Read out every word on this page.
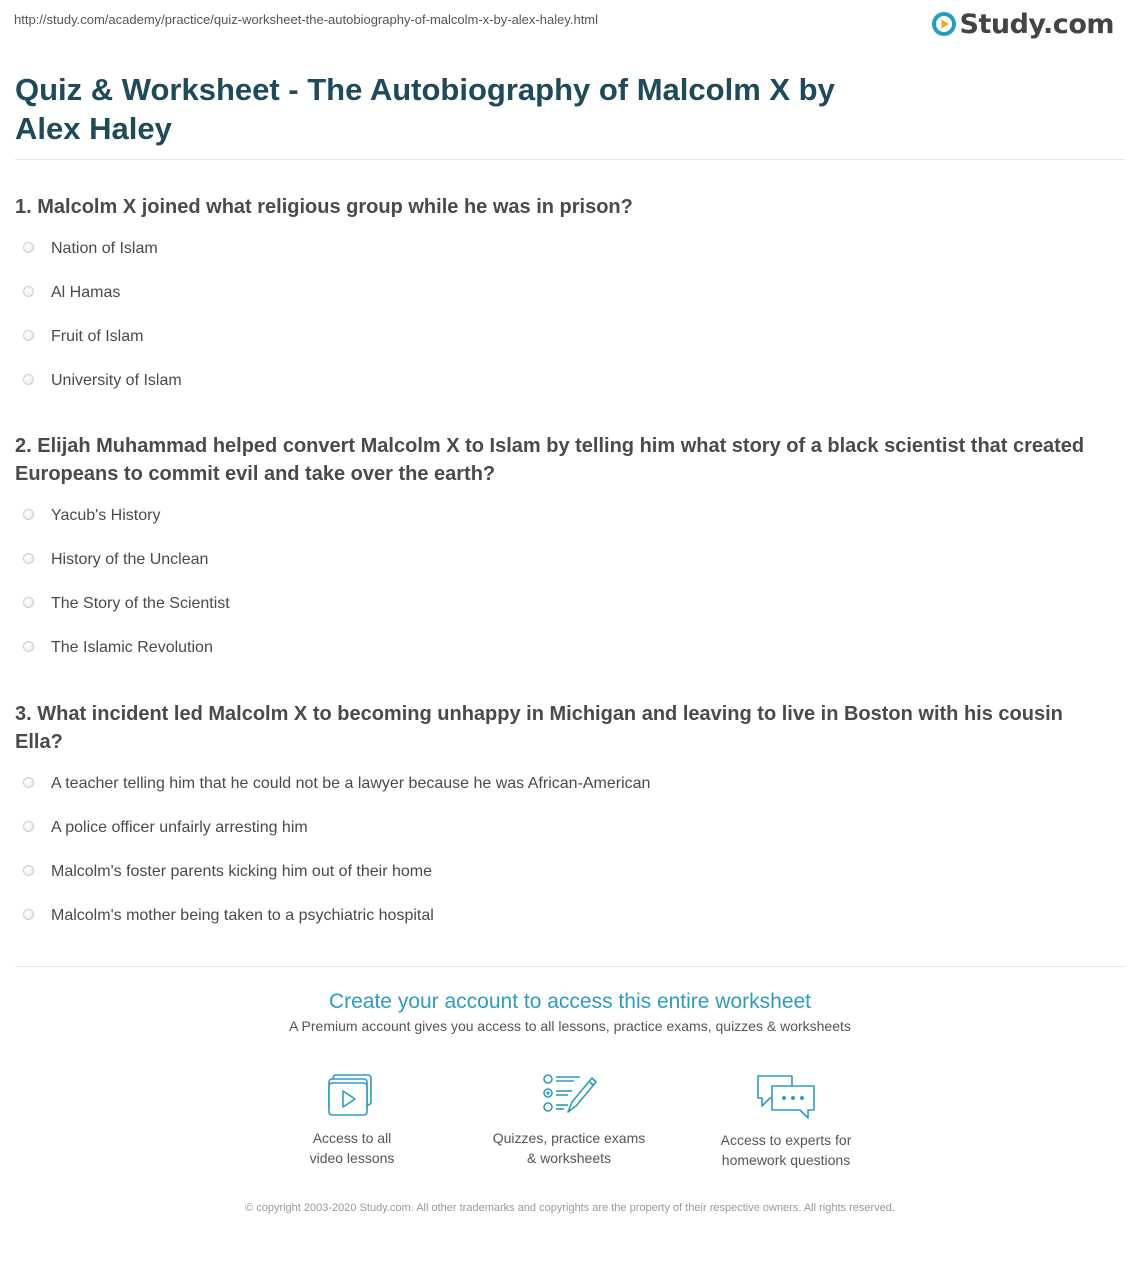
http://study.com/academy/practice/quiz-worksheet-the-autobiography-of-malcolm-x-by-alex-haley.html	Study.com
Quiz & Worksheet - The Autobiography of Malcolm X by Alex Haley

1. Malcolm X joined what religious group while he was in prison?

Nation of Islam
Al Hamas
Fruit of Islam
University of Islam

2. Elijah Muhammad helped convert Malcolm X to Islam by telling him what story of a black scientist that created Europeans to commit evil and take over the earth?

Yacub's History
History of the Unclean
The Story of the Scientist
The Islamic Revolution

3. What incident led Malcolm X to becoming unhappy in Michigan and leaving to live in Boston with his cousin Ella?

A teacher telling him that he could not be a lawyer because he was African-American
A police officer unfairly arresting him
Malcolm's foster parents kicking him out of their home
Malcolm's mother being taken to a psychiatric hospital

Create your account to access this entire worksheet

A Premium account gives you access to all lessons, practice exams, quizzes & worksheets
Access to all
video lessons
Quizzes, practice exams
& worksheets
Access to experts for
homework questions
© copyright 2003-2020 Study.com. All other trademarks and copyrights are the property of their respective owners. All rights reserved.
